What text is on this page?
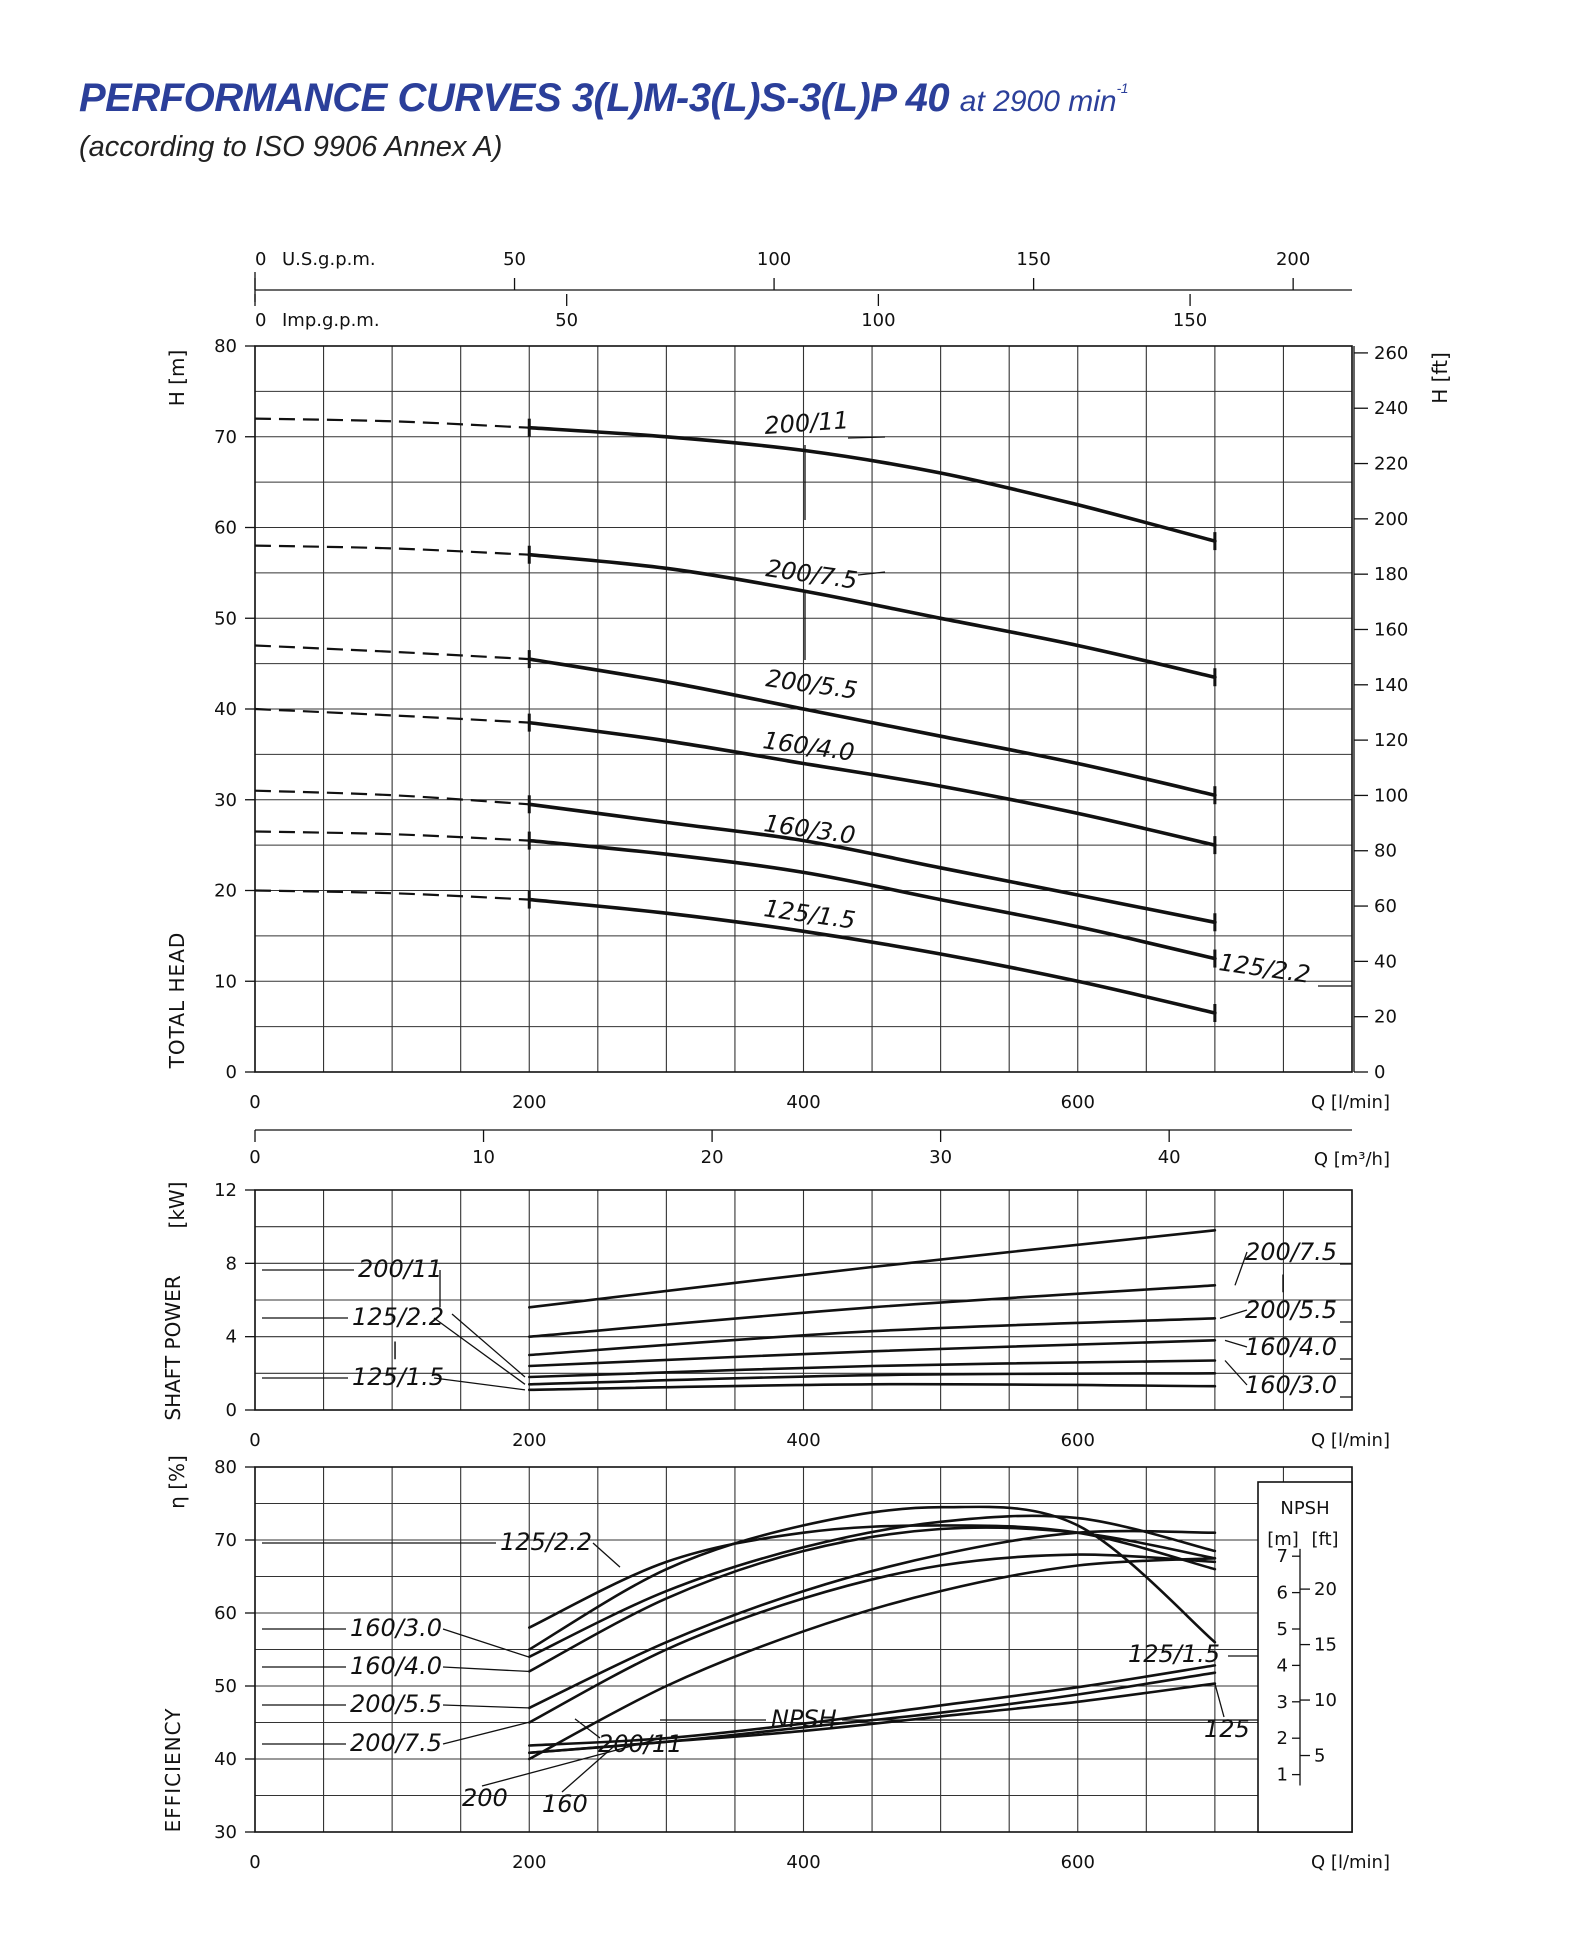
PERFORMANCE CURVES 3(L)M-3(L)S-3(L)P 40 at 2900 $\min^{-1}$
(according to ISO 9906 Annex A)
0
10
20
30
40
50
60
70
80
0	200	400	600	Q [l/min]
0
20
40
60
80
100
120
140
160
180
200
220
240
260 H [ft]
H [m]
TOTAL HEAD
0	50	100	150	200
U.S.g.p.m.
0	50	100	150
Imp.g.p.m.
0	10	20	30	40	Q [m³/h]
200/11
200/7.5
200/5.5
160/4.0
160/3.0
125/2.2
125/1.5
0
4
8
12
0	200	400	600	Q [l/min]
[kW]
SHAFT POWER
200/11
125/2.2
125/1.5
|
200/7.5
200/5.5
160/4.0
160/3.0
|
30
40
50
60
70
80
0	200	400	600	Q [l/min]
η [%]
EFFICIENCY
NPSH
[m] [ft]
1
2
3
4
5
6
7
5
10
15
20
125/2.2
160/3.0
160/4.0
200/5.5
200/7.5	200/11
125/1.5
NPSH
200 160
125
